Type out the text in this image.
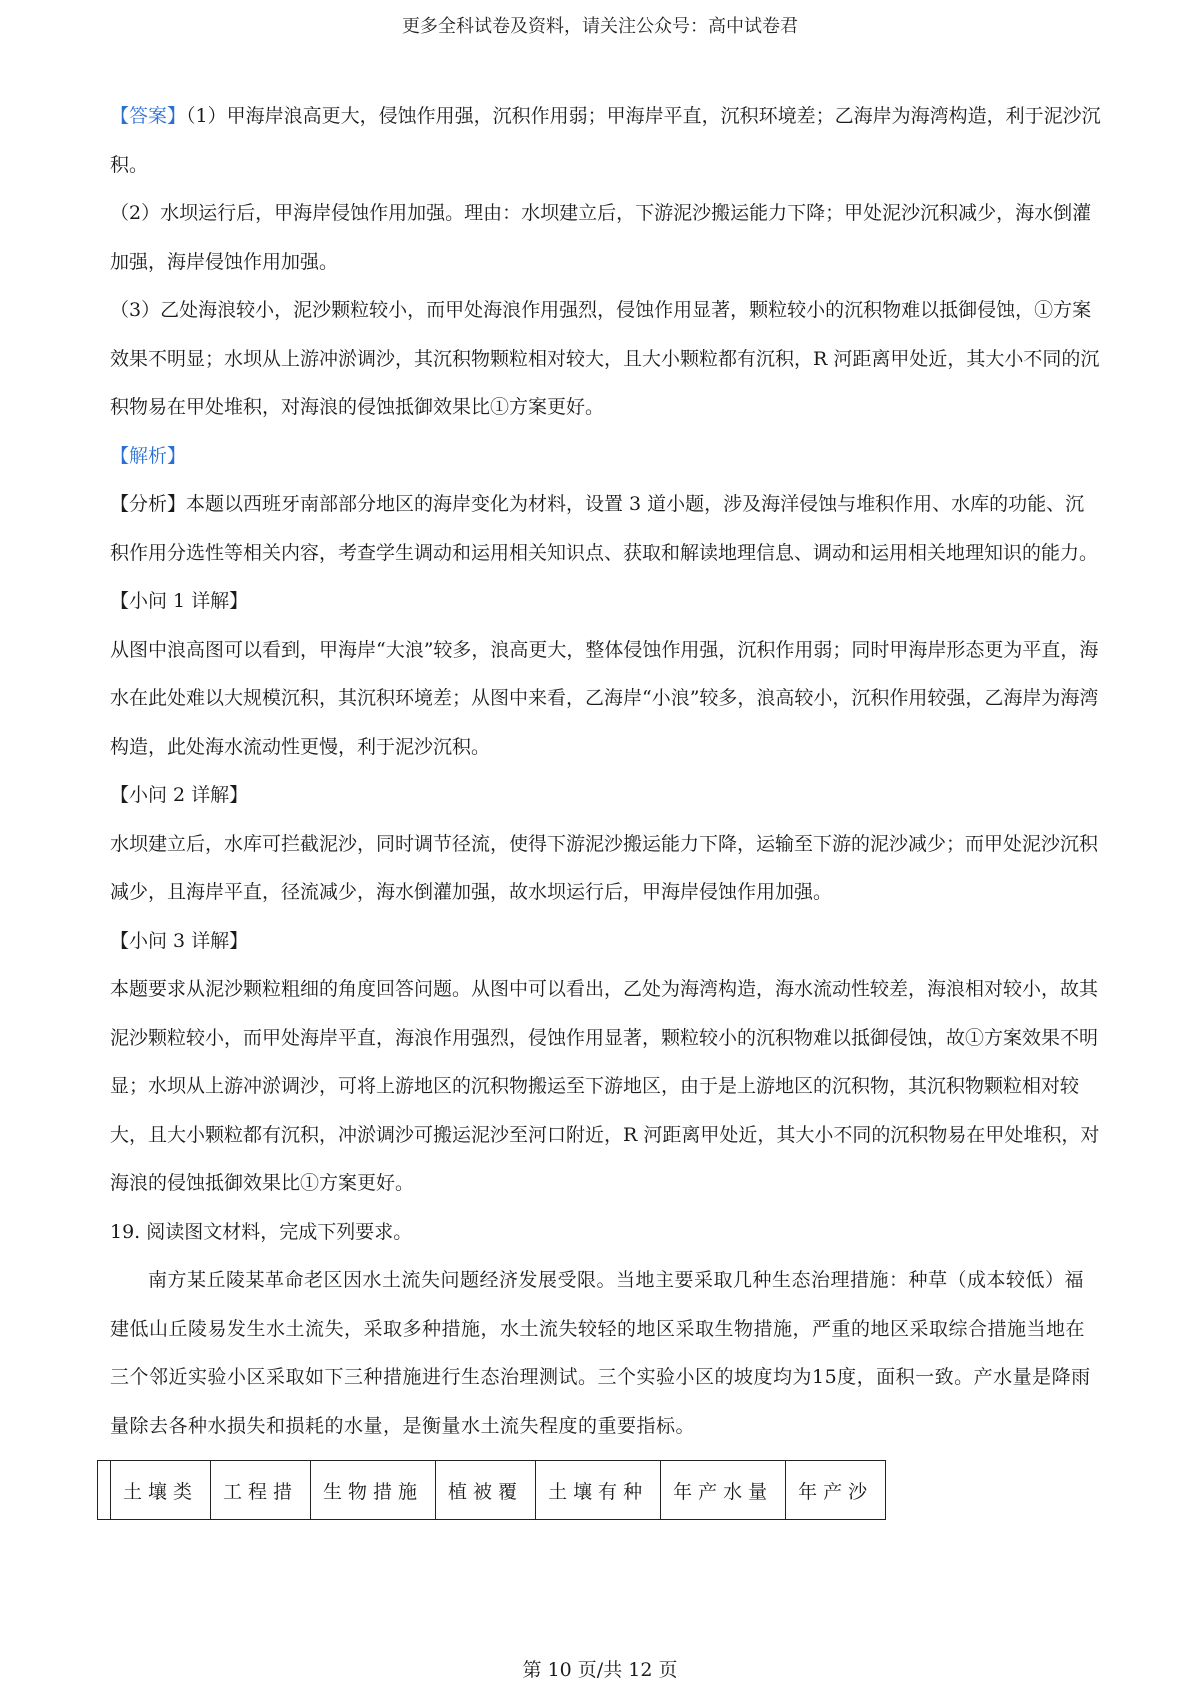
更多全科试卷及资料，请关注公众号：高中试卷君

【答案】（1）甲海岸浪高更大，侵蚀作用强，沉积作用弱；甲海岸平直，沉积环境差；乙海岸为海湾构造，利于泥沙沉积。

（2）水坝运行后，甲海岸侵蚀作用加强。理由：水坝建立后，下游泥沙搬运能力下降；甲处泥沙沉积减少，海水倒灌加强，海岸侵蚀作用加强。

（3）乙处海浪较小，泥沙颗粒较小，而甲处海浪作用强烈，侵蚀作用显著，颗粒较小的沉积物难以抵御侵蚀，①方案效果不明显；水坝从上游冲淤调沙，其沉积物颗粒相对较大，且大小颗粒都有沉积，R 河距离甲处近，其大小不同的沉积物易在甲处堆积，对海浪的侵蚀抵御效果比①方案更好。

【解析】

【分析】本题以西班牙南部部分地区的海岸变化为材料，设置 3 道小题，涉及海洋侵蚀与堆积作用、水库的功能、沉积作用分选性等相关内容，考查学生调动和运用相关知识点、获取和解读地理信息、调动和运用相关地理知识的能力。

【小问 1 详解】

从图中浪高图可以看到，甲海岸“大浪”较多，浪高更大，整体侵蚀作用强，沉积作用弱；同时甲海岸形态更为平直，海水在此处难以大规模沉积，其沉积环境差；从图中来看，乙海岸“小浪”较多，浪高较小，沉积作用较强，乙海岸为海湾构造，此处海水流动性更慢，利于泥沙沉积。

【小问 2 详解】

水坝建立后，水库可拦截泥沙，同时调节径流，使得下游泥沙搬运能力下降，运输至下游的泥沙减少；而甲处泥沙沉积减少，且海岸平直，径流减少，海水倒灌加强，故水坝运行后，甲海岸侵蚀作用加强。

【小问 3 详解】

本题要求从泥沙颗粒粗细的角度回答问题。从图中可以看出，乙处为海湾构造，海水流动性较差，海浪相对较小，故其泥沙颗粒较小，而甲处海岸平直，海浪作用强烈，侵蚀作用显著，颗粒较小的沉积物难以抵御侵蚀，故①方案效果不明显；水坝从上游冲淤调沙，可将上游地区的沉积物搬运至下游地区，由于是上游地区的沉积物，其沉积物颗粒相对较大，且大小颗粒都有沉积，冲淤调沙可搬运泥沙至河口附近，R 河距离甲处近，其大小不同的沉积物易在甲处堆积，对海浪的侵蚀抵御效果比①方案更好。

19. 阅读图文材料，完成下列要求。

南方某丘陵某革命老区因水土流失问题经济发展受限。当地主要采取几种生态治理措施：种草（成本较低）福建低山丘陵易发生水土流失，采取多种措施，水土流失较轻的地区采取生物措施，严重的地区采取综合措施当地在三个邻近实验小区采取如下三种措施进行生态治理测试。三个实验小区的坡度均为15度，面积一致。产水量是降雨量除去各种水损失和损耗的水量，是衡量水土流失程度的重要指标。

	土壤类	工程措	生物措施	植被覆	土壤有种	年产水量	年产沙
第 10 页/共 12 页
